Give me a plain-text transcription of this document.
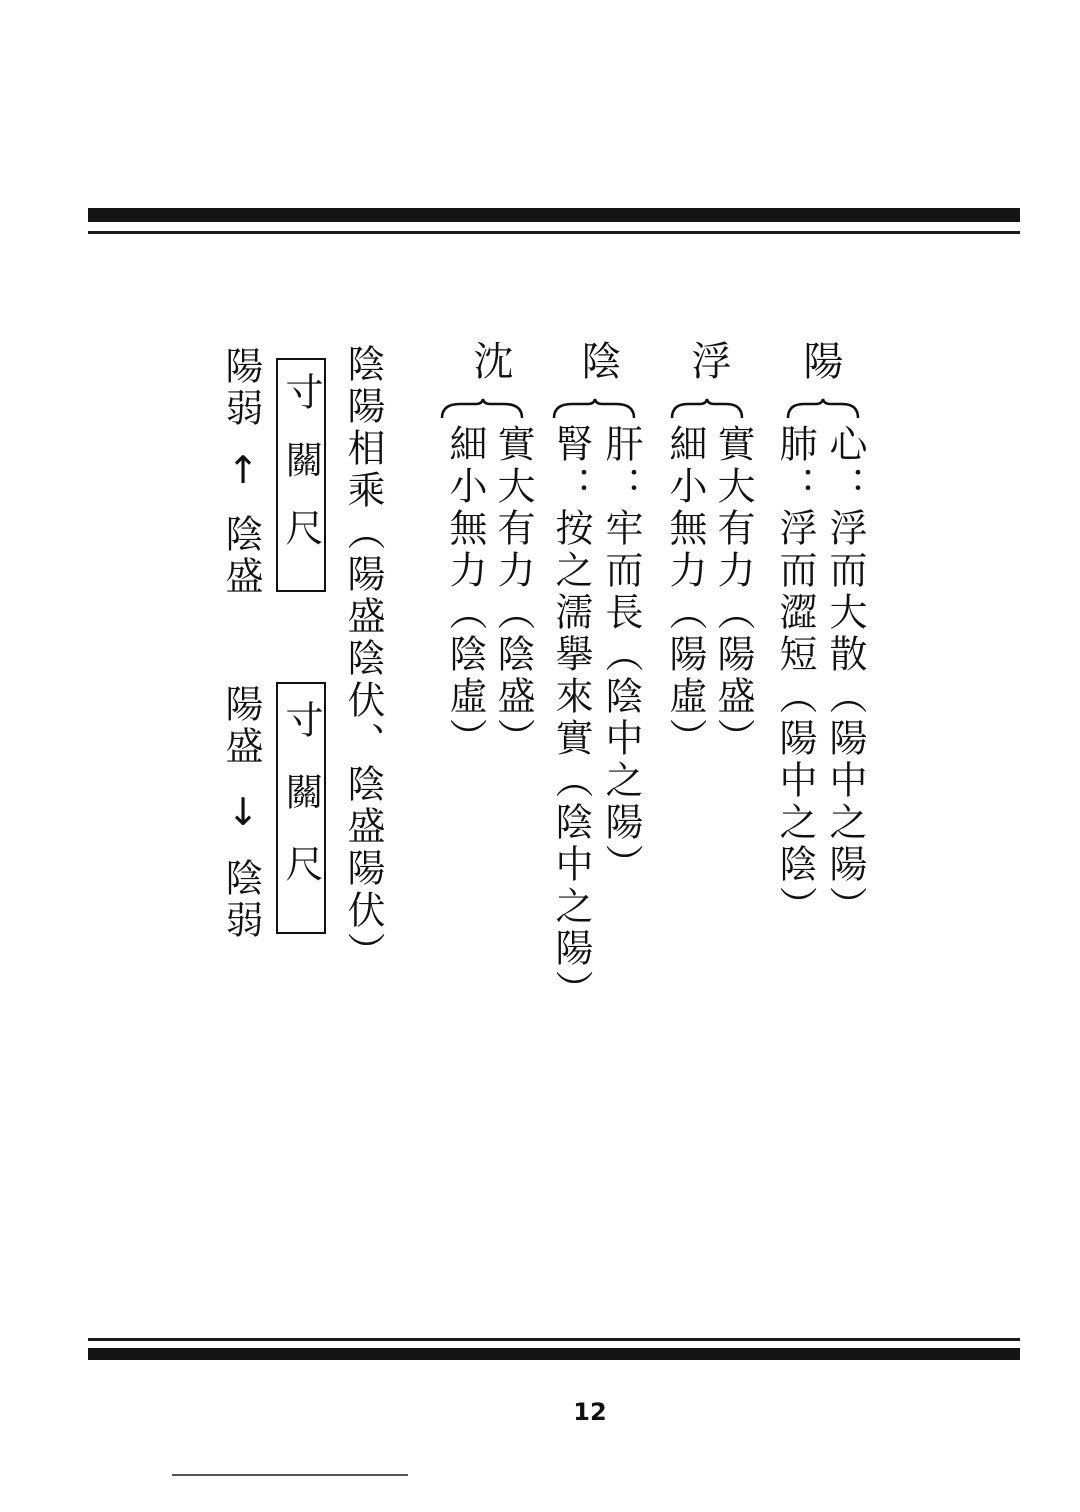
陽
心：浮而大散（陽中之陽）
肺：浮而澀短（陽中之陰）
浮
實大有力（陽盛）
細小無力（陽虛）
陰
肝：牢而長（陰中之陽）
腎：按之濡擧來實（陰中之陽）
沈
實大有力（陰盛）
細小無力（陰虛）
陰陽相乘（陽盛陰伏、陰盛陽伏）
寸關尺
陽弱
↑
陰盛
寸關尺
陽盛
↓
陰弱
12
